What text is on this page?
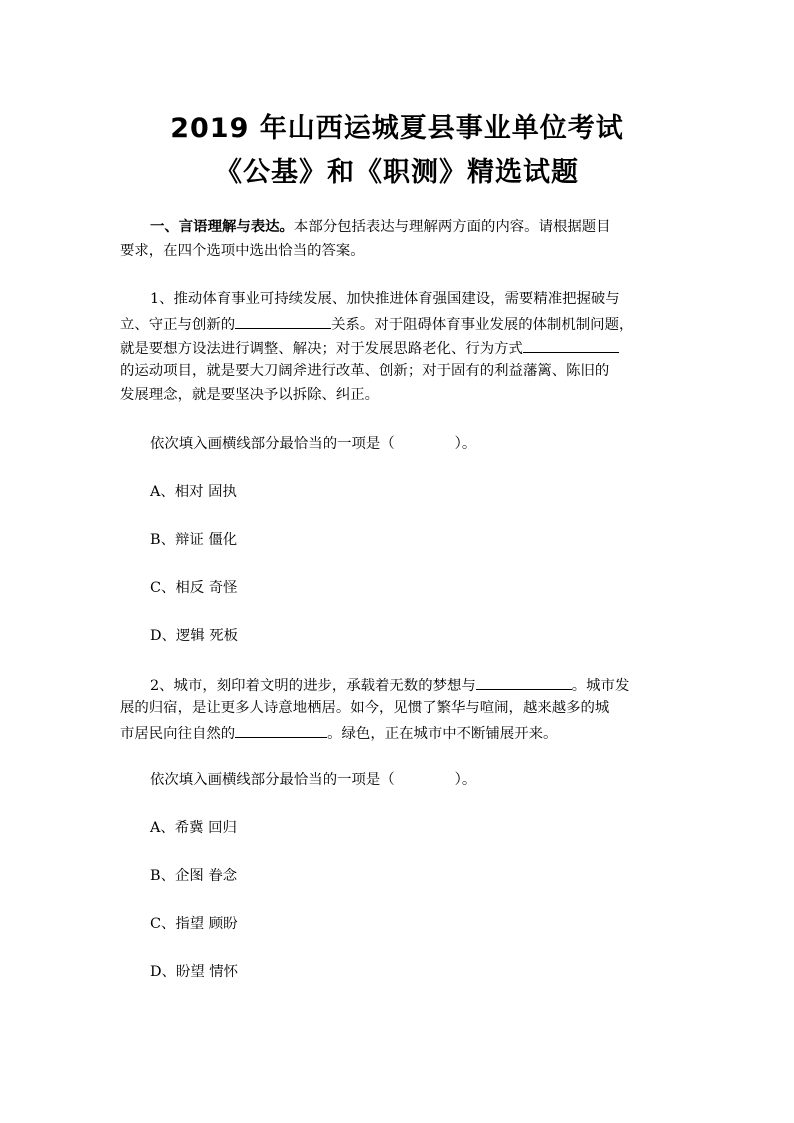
2019 年山西运城夏县事业单位考试
《公基》和《职测》精选试题
一、言语理解与表达。本部分包括表达与理解两方面的内容。请根据题目
要求，在四个选项中选出恰当的答案。
1、推动体育事业可持续发展、加快推进体育强国建设，需要精准把握破与
立、守正与创新的	关系。对于阻碍体育事业发展的体制机制问题，
就是要想方设法进行调整、解决；对于发展思路老化、行为方式
的运动项目，就是要大刀阔斧进行改革、创新；对于固有的利益藩篱、陈旧的
发展理念，就是要坚决予以拆除、纠正。
依次填入画横线部分最恰当的一项是（	）。
A、相对 固执
B、辩证 僵化
C、相反 奇怪
D、逻辑 死板
2、城市，刻印着文明的进步，承载着无数的梦想与	。城市发
展的归宿，是让更多人诗意地栖居。如今，见惯了繁华与喧闹，越来越多的城
市居民向往自然的	。绿色，正在城市中不断铺展开来。
依次填入画横线部分最恰当的一项是（	）。
A、希冀 回归
B、企图 眷念
C、指望 顾盼
D、盼望 情怀
